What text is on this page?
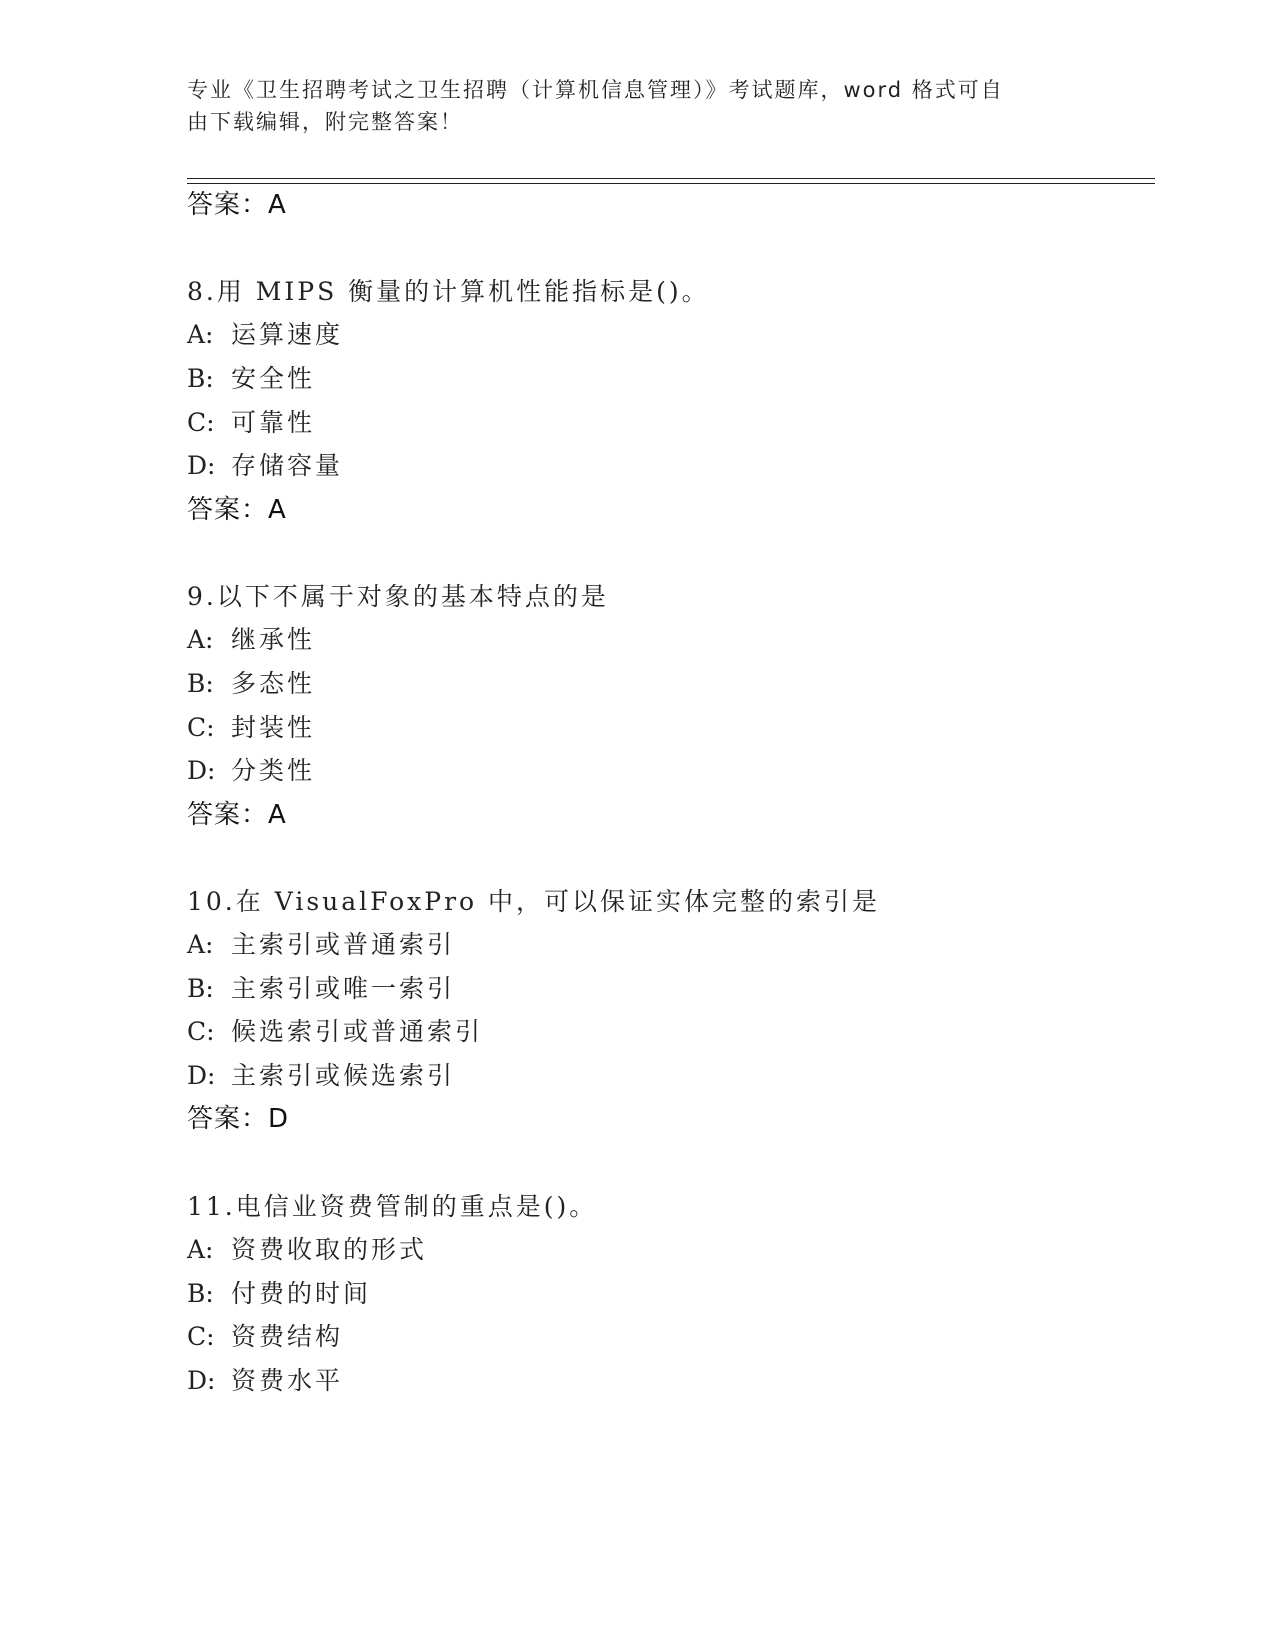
专业《卫生招聘考试之卫生招聘（计算机信息管理）》考试题库，word 格式可自
由下载编辑，附完整答案！
答案：A
8.用 MIPS 衡量的计算机性能指标是()。
A: 运算速度
B: 安全性
C: 可靠性
D: 存储容量
答案：A
9.以下不属于对象的基本特点的是
A: 继承性
B: 多态性
C: 封装性
D: 分类性
答案：A
10.在 VisualFoxPro 中，可以保证实体完整的索引是
A: 主索引或普通索引
B: 主索引或唯一索引
C: 候选索引或普通索引
D: 主索引或候选索引
答案：D
11.电信业资费管制的重点是()。
A: 资费收取的形式
B: 付费的时间
C: 资费结构
D: 资费水平
